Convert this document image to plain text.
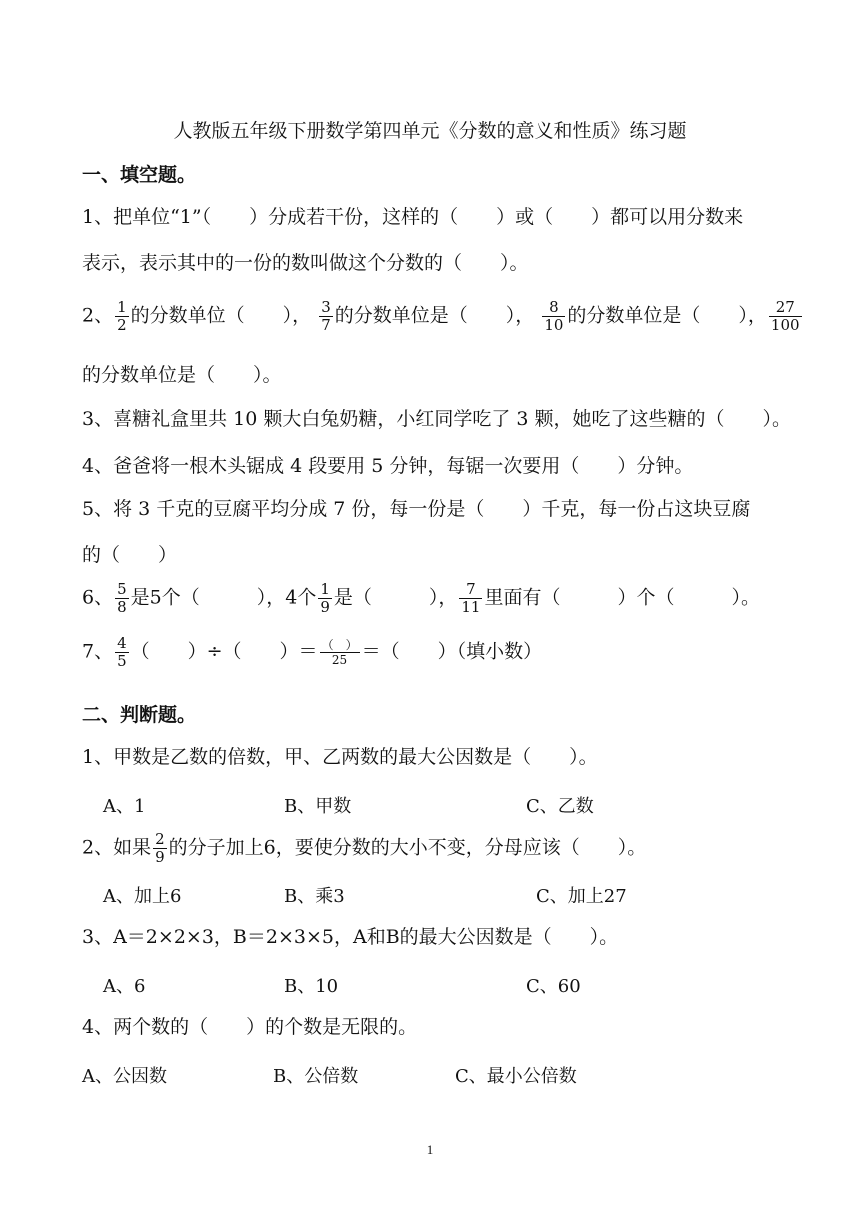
人教版五年级下册数学第四单元《分数的意义和性质》练习题
一、填空题。
1、把单位“1”（　　）分成若干份，这样的（　　）或（　　）都可以用分数来
表示，表示其中的一份的数叫做这个分数的（　　）。
2、 $\frac{1}{2}$ 的分数单位（　　）， $\frac{3}{7}$ 的分数单位是（　　）， $\frac{8}{10}$ 的分数单位是（　　）， $\frac{27}{100}$
的分数单位是（　　）。
3、喜糖礼盒里共 10 颗大白兔奶糖，小红同学吃了 3 颗，她吃了这些糖的（　　）。
4、爸爸将一根木头锯成 4 段要用 5 分钟，每锯一次要用（　　）分钟。
5、将 3 千克的豆腐平均分成 7 份，每一份是（　　）千克，每一份占这块豆腐
的（　　）
6、 $\frac{5}{8}$ 是5个（　　　），4个 $\frac{1}{9}$ 是（　　　）， $\frac{7}{11}$ 里面有（　　　）个（　　　）。
7、 $\frac{4}{5}$ （　　）÷（　　）＝ $\frac{( )}{25}$ ＝（　　）（填小数）
二、判断题。
1、甲数是乙数的倍数，甲、乙两数的最大公因数是（　　）。
A、1	B、甲数	C、乙数
2、如果 $\frac{2}{9}$ 的分子加上6，要使分数的大小不变，分母应该（　　）。
A、加上6	B、乘3	C、加上27
3、A＝2×2×3，B＝2×3×5，A和B的最大公因数是（　　）。
A、6	B、10	C、60
4、两个数的（　　）的个数是无限的。
A、公因数	B、公倍数	C、最小公倍数
1
